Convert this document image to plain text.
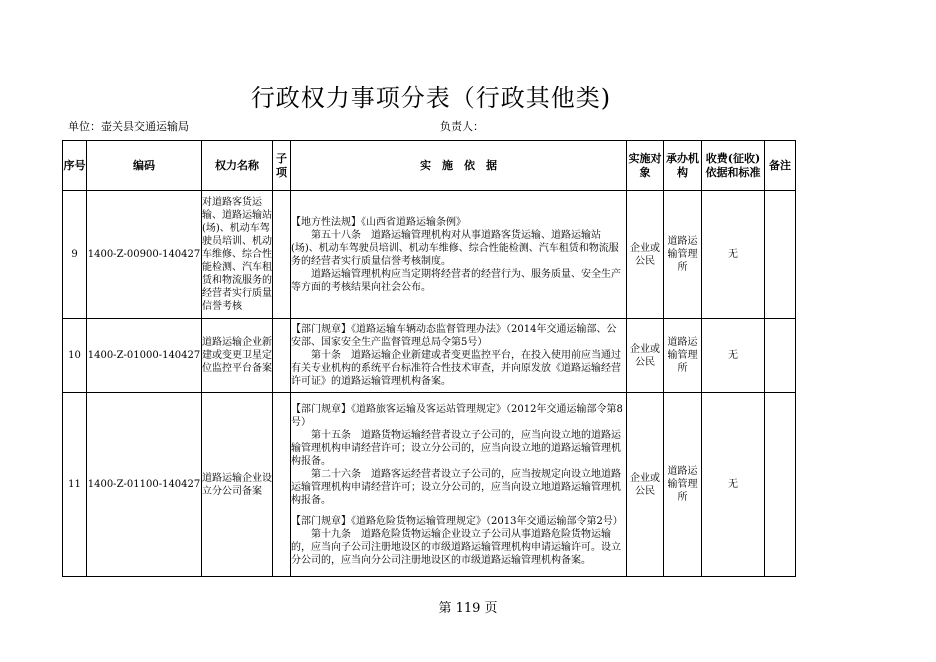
行政权力事项分表（行政其他类)
单位：壶关县交通运输局	负责人：
序号	编码	权力名称	子项	实　施　依　据	实施对象	承办机构	收费(征收)依据和标准	备注
9	1400-Z-00900-140427	对道路客货运输、道路运输站(场)、机动车驾驶员培训、机动车维修、综合性能检测、汽车租赁和物流服务的经营者实行质量信誉考核		【地方性法规】《山西省道路运输条例》

第五十八条　道路运输管理机构对从事道路客货运输、道路运输站(场)、机动车驾驶员培训、机动车维修、综合性能检测、汽车租赁和物流服务的经营者实行质量信誉考核制度。

道路运输管理机构应当定期将经营者的经营行为、服务质量、安全生产等方面的考核结果向社会公布。	企业或公民	道路运输管理所	无	
10	1400-Z-01000-140427	道路运输企业新建或变更卫星定位监控平台备案		【部门规章】《道路运输车辆动态监督管理办法》（2014年交通运输部、公安部、国家安全生产监督管理总局令第5号）

第十条　道路运输企业新建或者变更监控平台，在投入使用前应当通过有关专业机构的系统平台标准符合性技术审查，并向原发放《道路运输经营许可证》的道路运输管理机构备案。	企业或公民	道路运输管理所	无	
11	1400-Z-01100-140427	道路运输企业设立分公司备案		【部门规章】《道路旅客运输及客运站管理规定》（2012年交通运输部令第8号）

第十五条　道路货物运输经营者设立子公司的，应当向设立地的道路运输管理机构申请经营许可；设立分公司的，应当向设立地的道路运输管理机构报备。

第二十六条　道路客运经营者设立子公司的，应当按规定向设立地道路运输管理机构申请经营许可；设立分公司的，应当向设立地道路运输管理机构报备。

【部门规章】《道路危险货物运输管理规定》（2013年交通运输部令第2号）

第十九条　道路危险货物运输企业设立子公司从事道路危险货物运输的，应当向子公司注册地设区的市级道路运输管理机构申请运输许可。设立分公司的，应当向分公司注册地设区的市级道路运输管理机构备案。	企业或公民	道路运输管理所	无	
第 119 页
